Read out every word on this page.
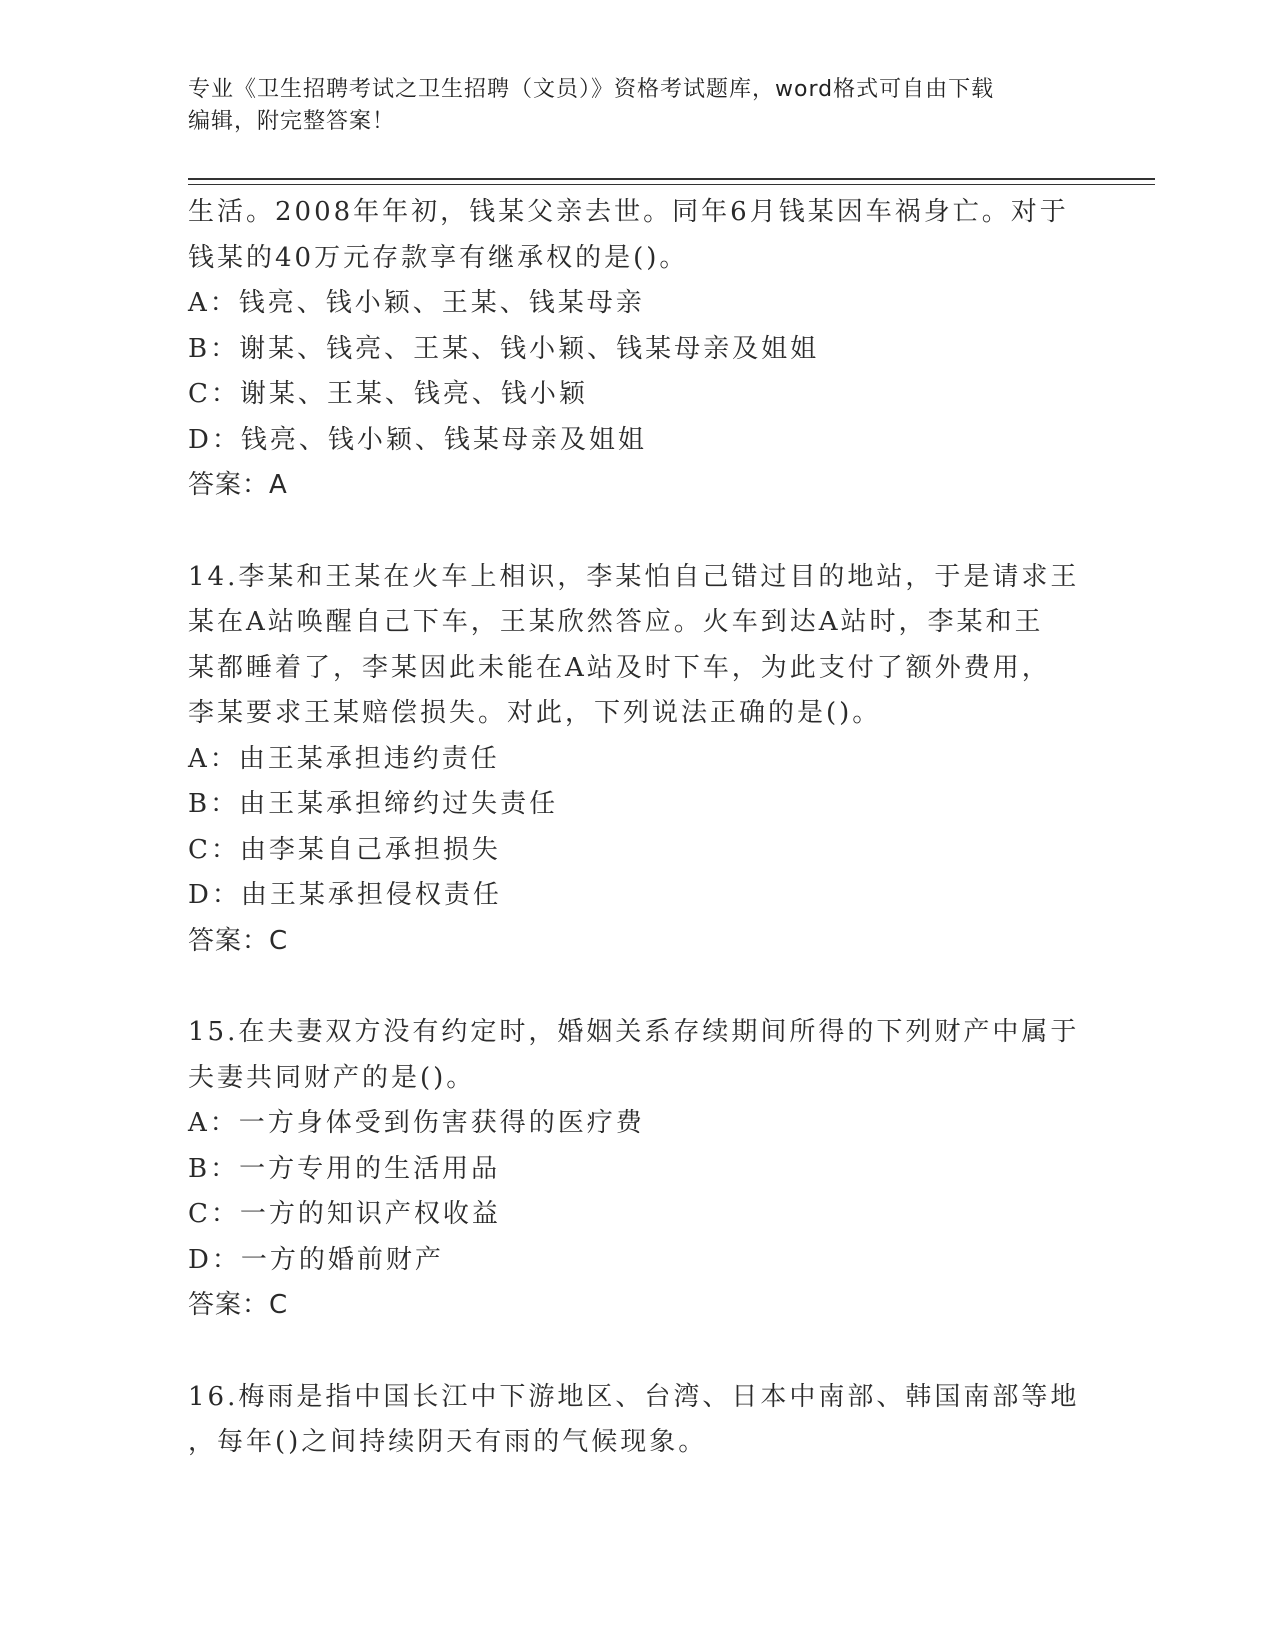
专业《卫生招聘考试之卫生招聘（文员）》资格考试题库，word格式可自由下载
编辑，附完整答案！
生活。2008年年初，钱某父亲去世。同年6月钱某因车祸身亡。对于
钱某的40万元存款享有继承权的是()。
A：钱亮、钱小颖、王某、钱某母亲
B：谢某、钱亮、王某、钱小颖、钱某母亲及姐姐
C：谢某、王某、钱亮、钱小颖
D：钱亮、钱小颖、钱某母亲及姐姐
答案：A
14.李某和王某在火车上相识，李某怕自己错过目的地站，于是请求王
某在A站唤醒自己下车，王某欣然答应。火车到达A站时，李某和王
某都睡着了，李某因此未能在A站及时下车，为此支付了额外费用，
李某要求王某赔偿损失。对此，下列说法正确的是()。
A：由王某承担违约责任
B：由王某承担缔约过失责任
C：由李某自己承担损失
D：由王某承担侵权责任
答案：C
15.在夫妻双方没有约定时，婚姻关系存续期间所得的下列财产中属于
夫妻共同财产的是()。
A：一方身体受到伤害获得的医疗费
B：一方专用的生活用品
C：一方的知识产权收益
D：一方的婚前财产
答案：C
16.梅雨是指中国长江中下游地区、台湾、日本中南部、韩国南部等地
，每年()之间持续阴天有雨的气候现象。
